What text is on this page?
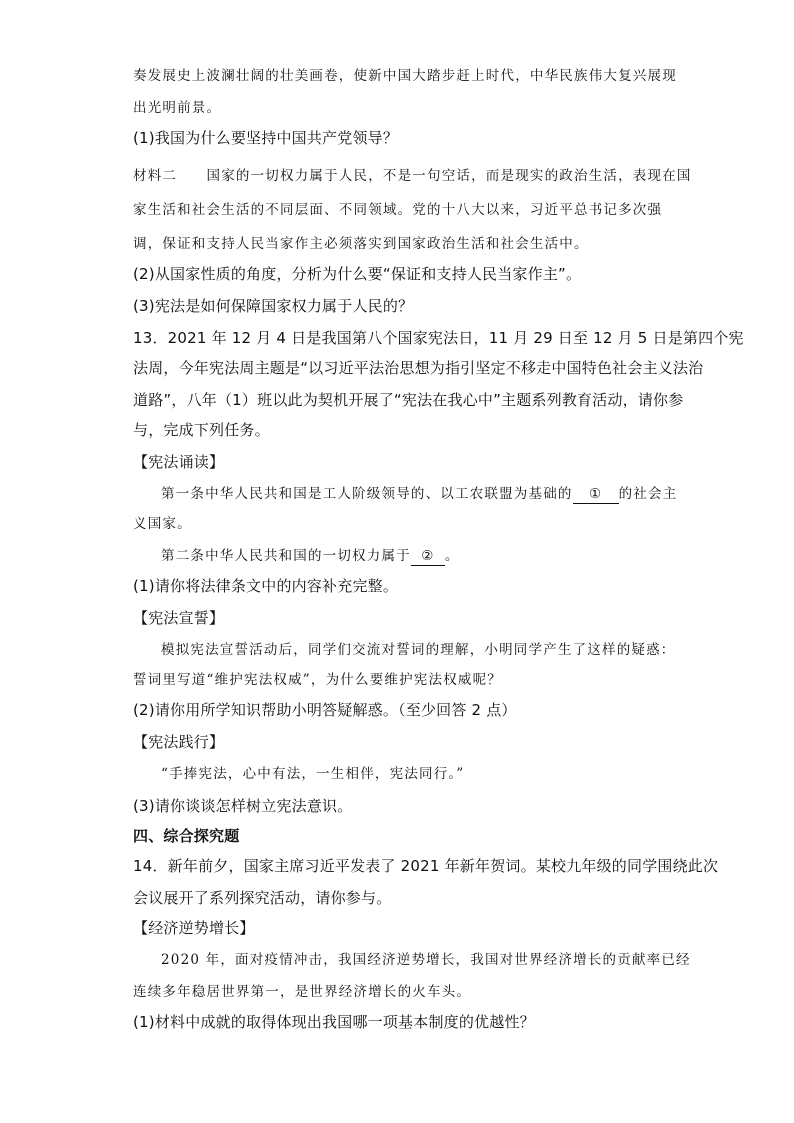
奏发展史上波澜壮阔的壮美画卷，使新中国大踏步赶上时代，中华民族伟大复兴展现
出光明前景。
(1)我国为什么要坚持中国共产党领导？
材料二　　国家的一切权力属于人民，不是一句空话，而是现实的政治生活，表现在国
家生活和社会生活的不同层面、不同领域。党的十八大以来，习近平总书记多次强
调，保证和支持人民当家作主必须落实到国家政治生活和社会生活中。
(2)从国家性质的角度，分析为什么要“保证和支持人民当家作主”。
(3)宪法是如何保障国家权力属于人民的？
13．2021 年 12 月 4 日是我国第八个国家宪法日，11 月 29 日至 12 月 5 日是第四个宪
法周，今年宪法周主题是“以习近平法治思想为指引坚定不移走中国特色社会主义法治
道路”，八年（1）班以此为契机开展了“宪法在我心中”主题系列教育活动，请你参
与，完成下列任务。
【宪法诵读】
第一条中华人民共和国是工人阶级领导的、以工农联盟为基础的 ① 的社会主
义国家。
第二条中华人民共和国的一切权力属于 ② 。
(1)请你将法律条文中的内容补充完整。
【宪法宣誓】
模拟宪法宣誓活动后，同学们交流对誓词的理解，小明同学产生了这样的疑惑：
誓词里写道“维护宪法权威”，为什么要维护宪法权威呢？
(2)请你用所学知识帮助小明答疑解惑。（至少回答 2 点）
【宪法践行】
“手捧宪法，心中有法，一生相伴，宪法同行。”
(3)请你谈谈怎样树立宪法意识。
四、综合探究题
14．新年前夕，国家主席习近平发表了 2021 年新年贺词。某校九年级的同学围绕此次
会议展开了系列探究活动，请你参与。
【经济逆势增长】
2020 年，面对疫情冲击，我国经济逆势增长，我国对世界经济增长的贡献率已经
连续多年稳居世界第一，是世界经济增长的火车头。
(1)材料中成就的取得体现出我国哪一项基本制度的优越性？
